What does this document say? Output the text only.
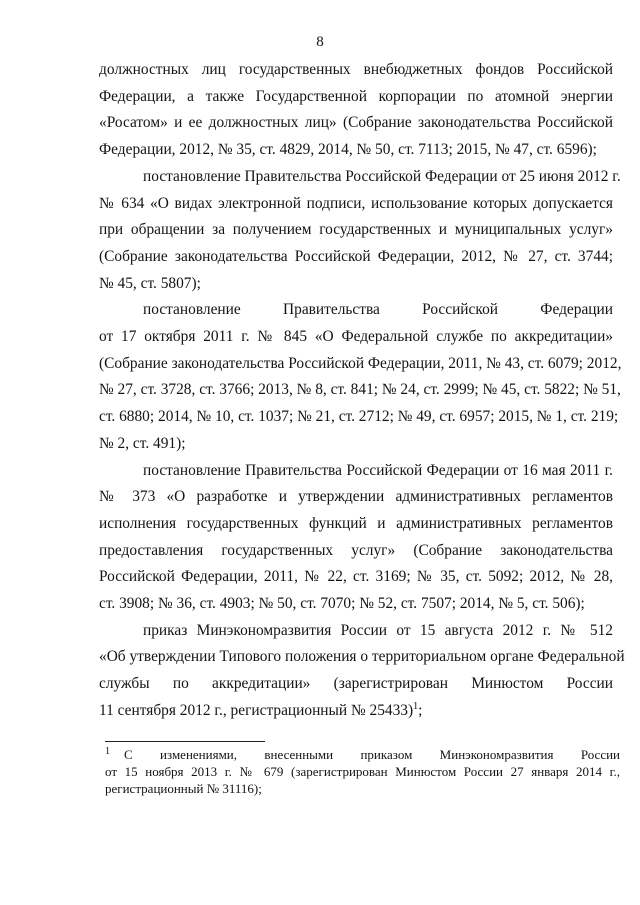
8

должностных лиц государственных внебюджетных фондов Российской
Федерации, а также Государственной корпорации по атомной энергии
«Росатом» и ее должностных лиц» (Собрание законодательства Российской
Федерации, 2012, № 35, ст. 4829, 2014, № 50, ст. 7113; 2015, № 47, ст. 6596);

постановление Правительства Российской Федерации от 25 июня 2012 г.
№ 634 «О видах электронной подписи, использование которых допускается
при обращении за получением государственных и муниципальных услуг»
(Собрание законодательства Российской Федерации, 2012, № 27, ст. 3744;
№ 45, ст. 5807);

постановление Правительства Российской Федерации
от 17 октября 2011 г. № 845 «О Федеральной службе по аккредитации»
(Собрание законодательства Российской Федерации, 2011, № 43, ст. 6079; 2012,
№ 27, ст. 3728, ст. 3766; 2013, № 8, ст. 841; № 24, ст. 2999; № 45, ст. 5822; № 51,
ст. 6880; 2014, № 10, ст. 1037; № 21, ст. 2712; № 49, ст. 6957; 2015, № 1, ст. 219;
№ 2, ст. 491);

постановление Правительства Российской Федерации от 16 мая 2011 г.
№ 373 «О разработке и утверждении административных регламентов
исполнения государственных функций и административных регламентов
предоставления государственных услуг» (Собрание законодательства
Российской Федерации, 2011, № 22, ст. 3169; № 35, ст. 5092; 2012, № 28,
ст. 3908; № 36, ст. 4903; № 50, ст. 7070; № 52, ст. 7507; 2014, № 5, ст. 506);

приказ Минэкономразвития России от 15 августа 2012 г. № 512
«Об утверждении Типового положения о территориальном органе Федеральной
службы по аккредитации» (зарегистрирован Минюстом России
11 сентября 2012 г., регистрационный № 25433)$^1$;

$^1$ С изменениями, внесенными приказом Минэкономразвития России
от 15 ноября 2013 г. № 679 (зарегистрирован Минюстом России 27 января 2014 г.,
регистрационный № 31116);
